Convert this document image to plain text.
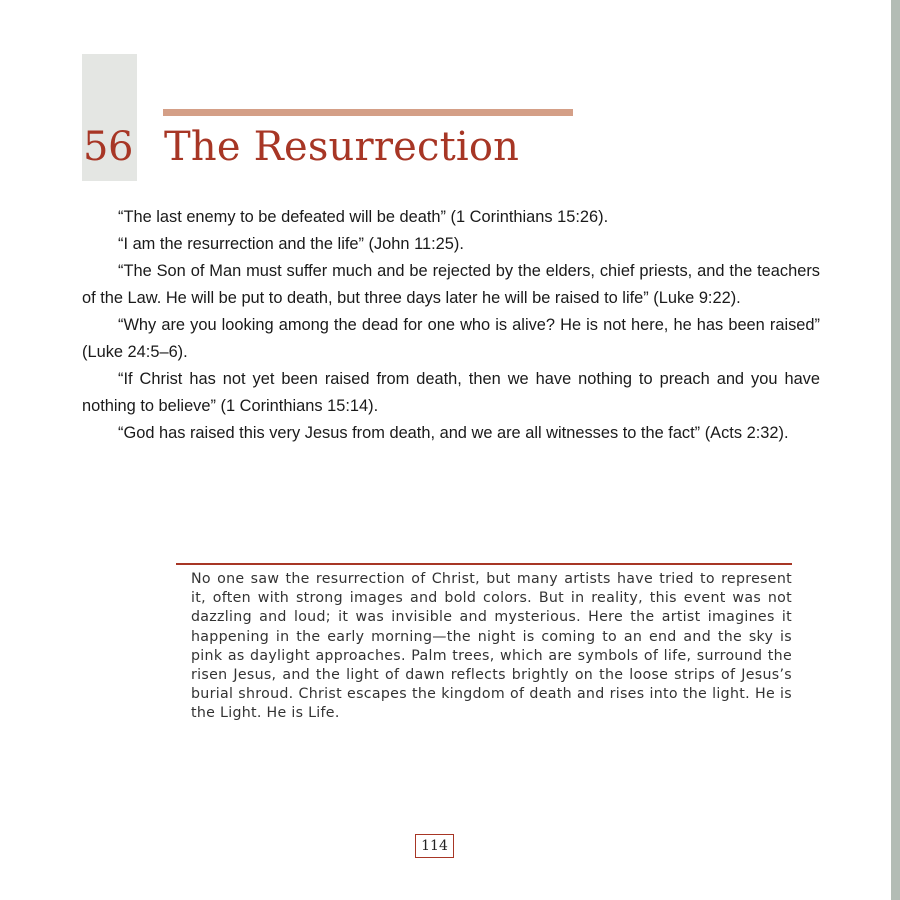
56 The Resurrection

“The last enemy to be defeated will be death” (1 Corinthians 15:26).

“I am the resurrection and the life” (John 11:25).

“The Son of Man must suffer much and be rejected by the elders, chief priests, and the teachers of the Law. He will be put to death, but three days later he will be raised to life” (Luke 9:22).

“Why are you looking among the dead for one who is alive? He is not here, he has been raised” (Luke 24:5–6).

“If Christ has not yet been raised from death, then we have nothing to preach and you have nothing to believe” (1 Corinthians 15:14).

“God has raised this very Jesus from death, and we are all witnesses to the fact” (Acts 2:32).

No one saw the resurrection of Christ, but many artists have tried to represent it, often with strong images and bold colors. But in reality, this event was not dazzling and loud; it was invisible and mysterious. Here the artist imagines it happening in the early morning—the night is coming to an end and the sky is pink as daylight approaches. Palm trees, which are symbols of life, surround the risen Jesus, and the light of dawn reflects brightly on the loose strips of Jesus’s burial shroud. Christ escapes the kingdom of death and rises into the light. He is the Light. He is Life.
114
